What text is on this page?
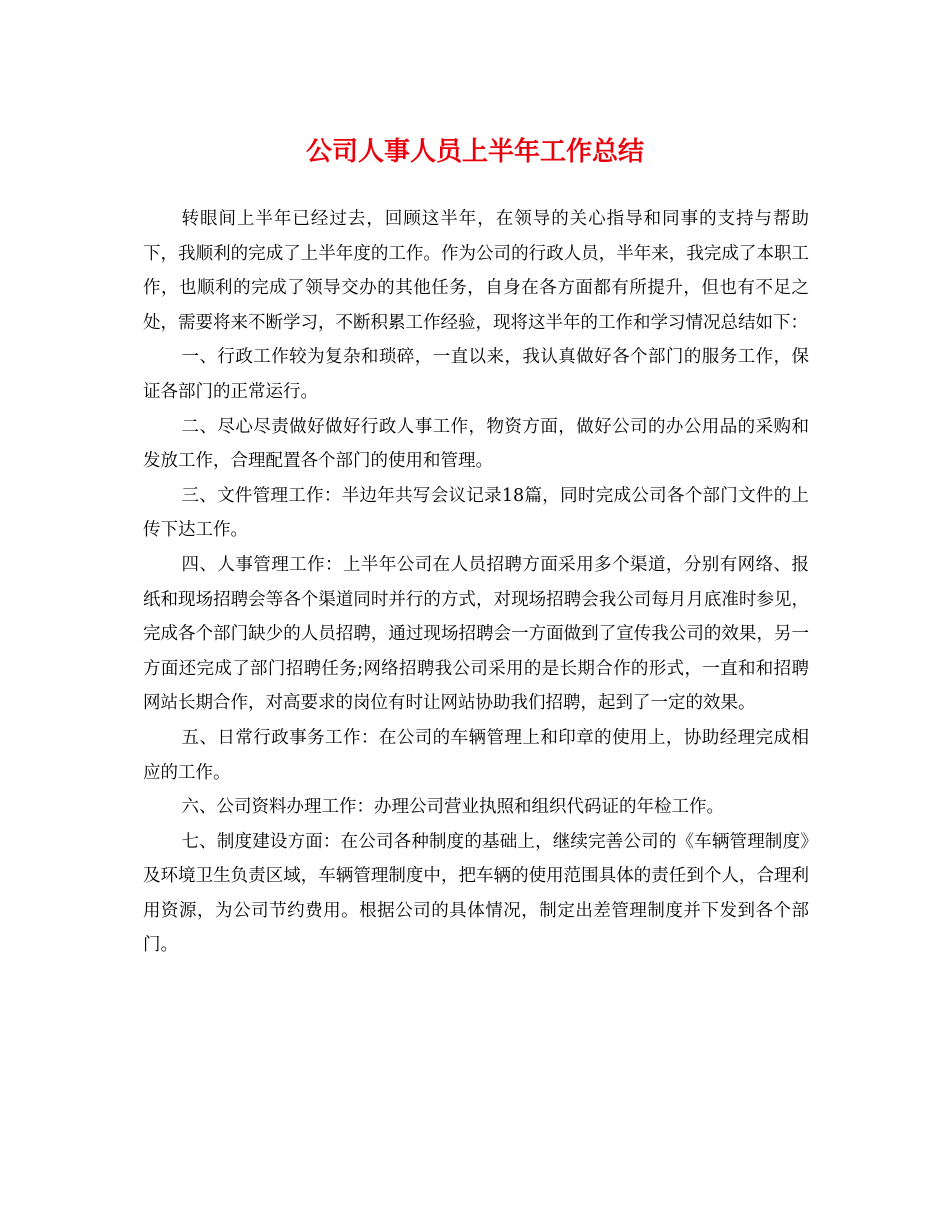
公司人事人员上半年工作总结

转眼间上半年已经过去，回顾这半年，在领导的关心指导和同事的支持与帮助下，我顺利的完成了上半年度的工作。作为公司的行政人员，半年来，我完成了本职工作，也顺利的完成了领导交办的其他任务，自身在各方面都有所提升，但也有不足之处，需要将来不断学习，不断积累工作经验，现将这半年的工作和学习情况总结如下：

一、行政工作较为复杂和琐碎，一直以来，我认真做好各个部门的服务工作，保证各部门的正常运行。

二、尽心尽责做好做好行政人事工作，物资方面，做好公司的办公用品的采购和发放工作，合理配置各个部门的使用和管理。

三、文件管理工作：半边年共写会议记录18篇，同时完成公司各个部门文件的上传下达工作。

四、人事管理工作：上半年公司在人员招聘方面采用多个渠道，分别有网络、报纸和现场招聘会等各个渠道同时并行的方式，对现场招聘会我公司每月月底准时参见，完成各个部门缺少的人员招聘，通过现场招聘会一方面做到了宣传我公司的效果，另一方面还完成了部门招聘任务;网络招聘我公司采用的是长期合作的形式，一直和和招聘网站长期合作，对高要求的岗位有时让网站协助我们招聘，起到了一定的效果。

五、日常行政事务工作：在公司的车辆管理上和印章的使用上，协助经理完成相应的工作。

六、公司资料办理工作：办理公司营业执照和组织代码证的年检工作。

七、制度建设方面：在公司各种制度的基础上，继续完善公司的《车辆管理制度》及环境卫生负责区域，车辆管理制度中，把车辆的使用范围具体的责任到个人，合理利用资源，为公司节约费用。根据公司的具体情况，制定出差管理制度并下发到各个部门。
